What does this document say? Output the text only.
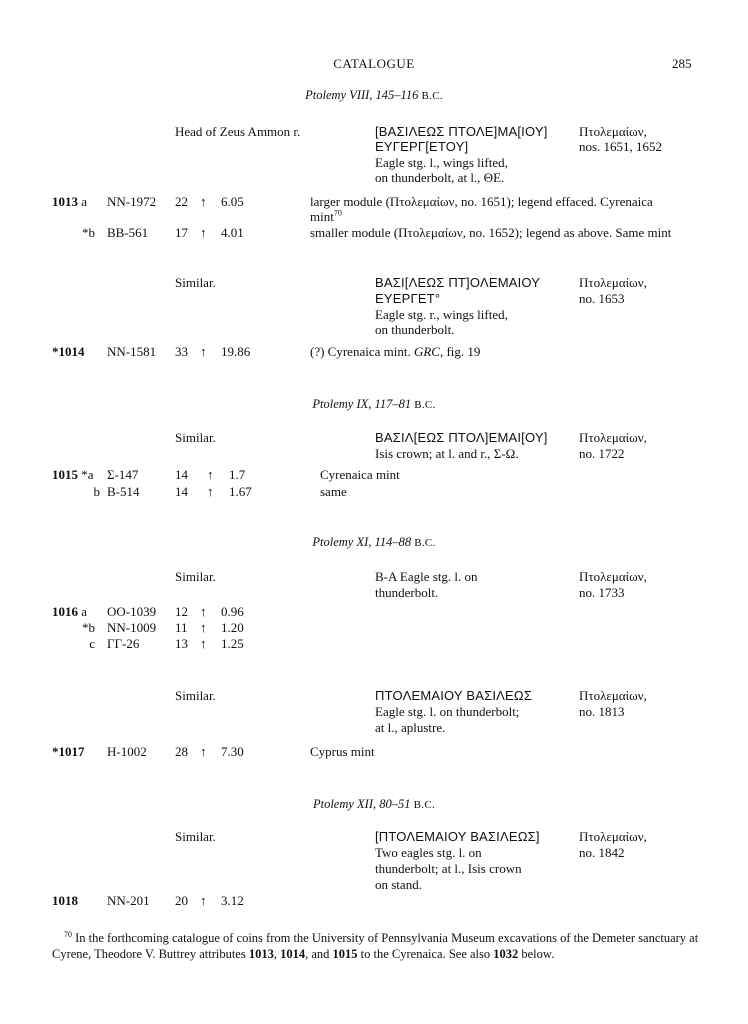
CATALOGUE	285
Ptolemy VIII, 145–116 B.C.
Head of Zeus Ammon r.	[ΒΑΣΙΛΕΩΣ ΠΤΟΛΕ]ΜΑ[ΙΟΥ]
ΕΥΓΕΡΓ[ΕΤΟΥ]
Eagle stg. l., wings lifted,
on thunderbolt, at l., ΘΕ.
Πτολεμαίων,
nos. 1651, 1652
1013 a NN-1972 22 ↑ 6.05	larger module (Πτολεμαίων, no. 1651); legend effaced. Cyrenaica
mint$^{70}$
*b BB-561 17 ↑ 4.01	smaller module (Πτολεμαίων, no. 1652); legend as above. Same mint
Similar.	ΒΑΣΙ[ΛΕΩΣ ΠΤ]ΟΛΕΜΑΙΟΥ
ΕΥΕΡΓΕΤ°
Eagle stg. r., wings lifted,
on thunderbolt.
Πτολεμαίων,
no. 1653
*1014 NN-1581 33 ↑ 19.86	(?) Cyrenaica mint. GRC, fig. 19
Ptolemy IX, 117–81 B.C.
Similar.	ΒΑΣΙΛ[ΕΩΣ ΠΤΟΛ]ΕΜΑΙ[ΟΥ]
Isis crown; at l. and r., Σ-Ω.
Πτολεμαίων,
no. 1722
1015 *a Σ-147	14 ↑ 1.7	Cyrenaica mint
b Β-514	14 ↑ 1.67	same
Ptolemy XI, 114–88 B.C.
Similar.	Β-Α Eagle stg. l. on
thunderbolt.
Πτολεμαίων,
no. 1733
1016 a ΟΟ-1039 12 ↑ 0.96
*b ΝΝ-1009 11 ↑ 1.20
c ΓΓ-26	13 ↑ 1.25
Similar.	ΠΤΟΛΕΜΑΙΟΥ ΒΑΣΙΛΕΩΣ
Eagle stg. l. on thunderbolt;
at l., aplustre.
Πτολεμαίων,
no. 1813
*1017 Η-1002 28 ↑ 7.30	Cyprus mint
Ptolemy XII, 80–51 B.C.
Similar.	[ΠΤΟΛΕΜΑΙΟΥ ΒΑΣΙΛΕΩΣ]
Two eagles stg. l. on
thunderbolt; at l., Isis crown
on stand.
Πτολεμαίων,
no. 1842
1018 NN-201 20 ↑ 3.12
$^{70}$ In the forthcoming catalogue of coins from the University of Pennsylvania Museum excavations of the Demeter sanctuary at Cyrene, Theodore V. Buttrey attributes 1013, 1014, and 1015 to the Cyrenaica. See also 1032 below.
